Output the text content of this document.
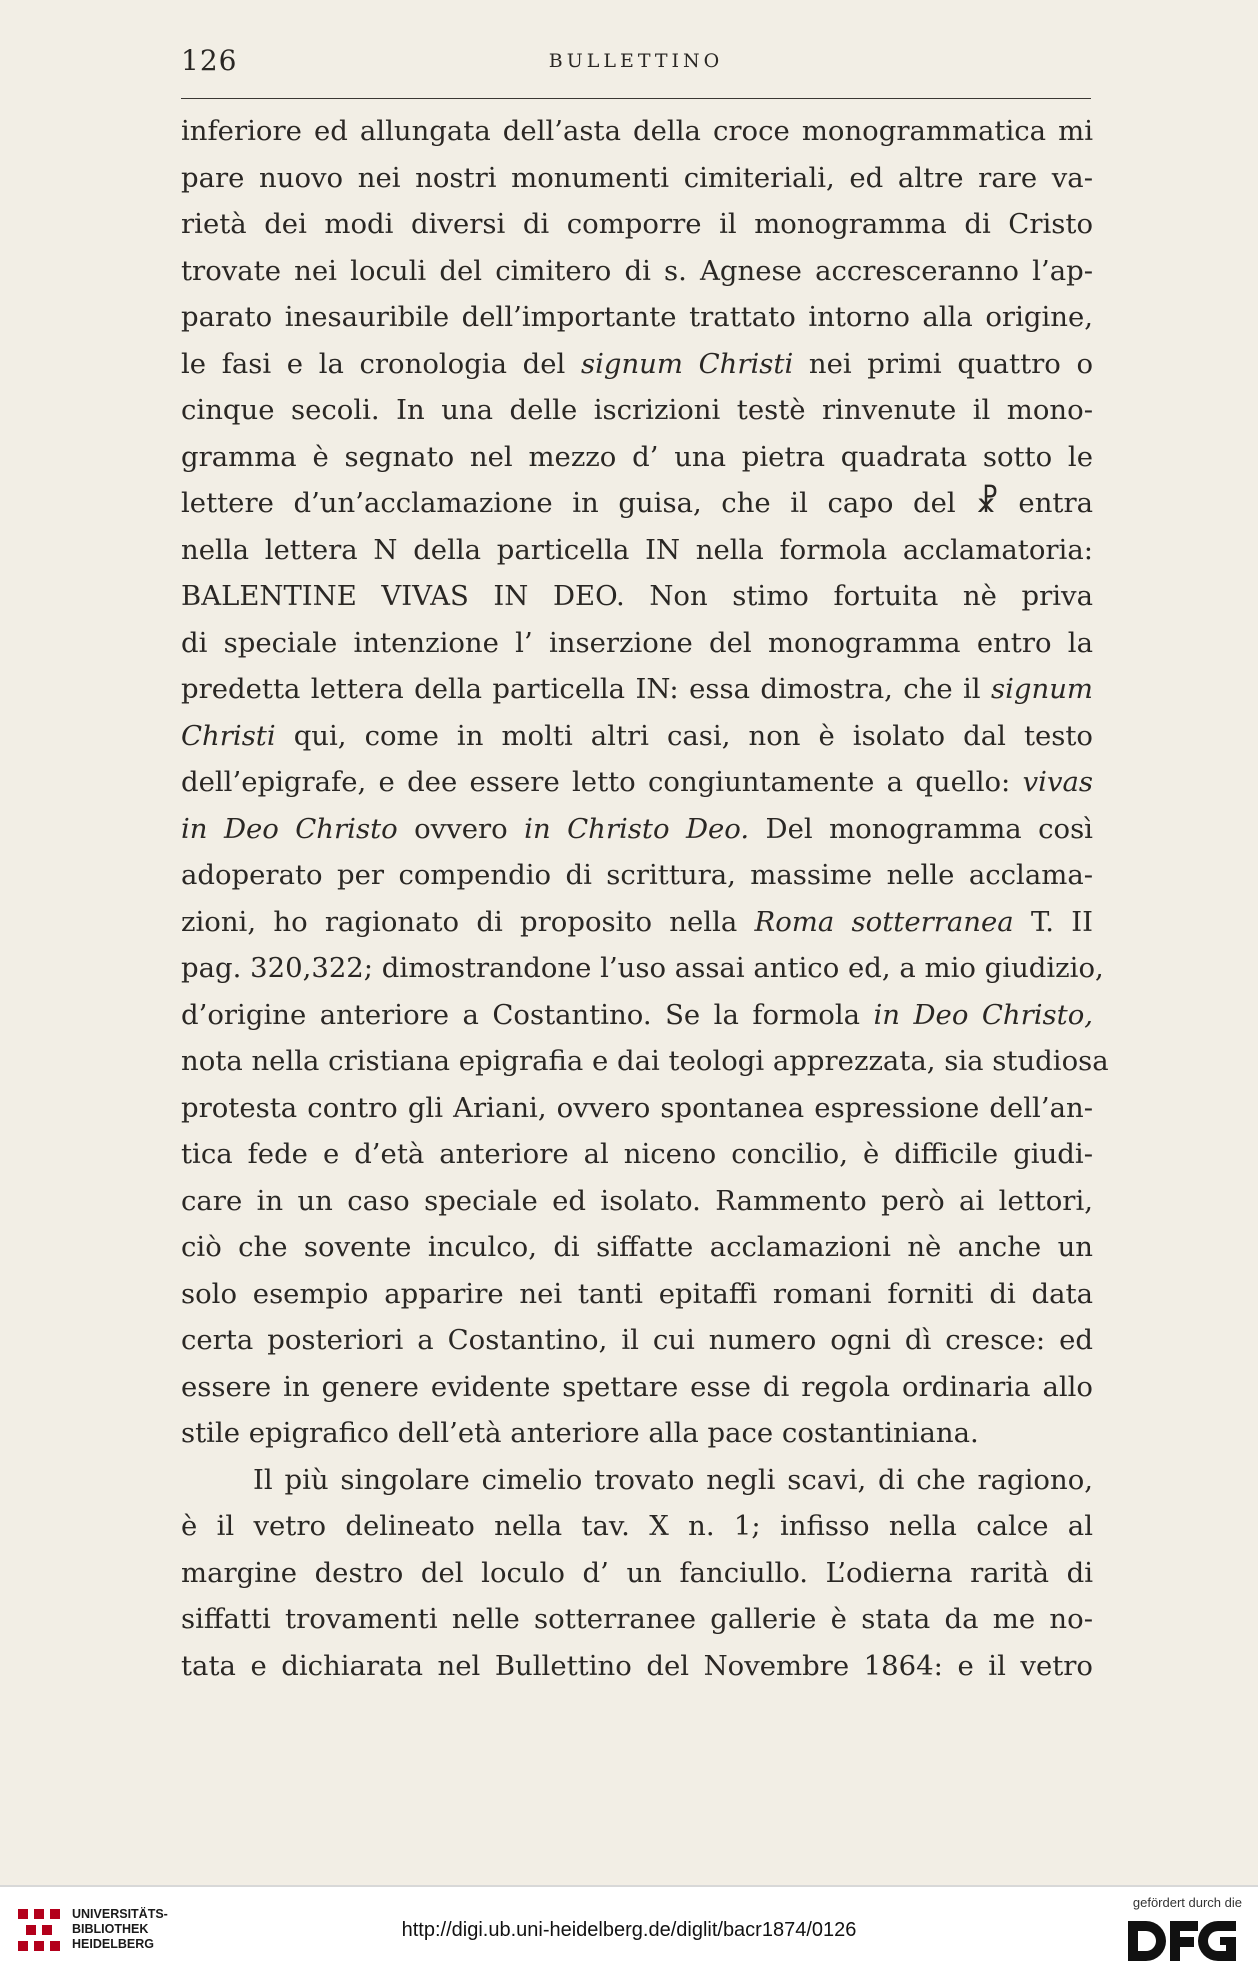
126	BULLETTINO
inferiore ed allungata dell’asta della croce monogrammatica mi
pare nuovo nei nostri monumenti cimiteriali, ed altre rare va-
rietà dei modi diversi di comporre il monogramma di Cristo
trovate nei loculi del cimitero di s. Agnese accresceranno l’ap-
parato inesauribile dell’importante trattato intorno alla origine,
le fasi e la cronologia del signum Christi nei primi quattro o
cinque secoli. In una delle iscrizioni testè rinvenute il mono-
gramma è segnato nel mezzo d’ una pietra quadrata sotto le
lettere d’un’acclamazione in guisa, che il capo del ☧ entra
nella lettera N della particella IN nella formola acclamatoria:
BALENTINE VIVAS IN DEO. Non stimo fortuita nè priva
di speciale intenzione l’ inserzione del monogramma entro la
predetta lettera della particella IN: essa dimostra, che il signum
Christi qui, come in molti altri casi, non è isolato dal testo
dell’epigrafe, e dee essere letto congiuntamente a quello: vivas
in Deo Christo ovvero in Christo Deo. Del monogramma così
adoperato per compendio di scrittura, massime nelle acclama-
zioni, ho ragionato di proposito nella Roma sotterranea T. II
pag. 320,322; dimostrandone l’uso assai antico ed, a mio giudizio,
d’origine anteriore a Costantino. Se la formola in Deo Christo,
nota nella cristiana epigrafia e dai teologi apprezzata, sia studiosa
protesta contro gli Ariani, ovvero spontanea espressione dell’an-
tica fede e d’età anteriore al niceno concilio, è difficile giudi-
care in un caso speciale ed isolato. Rammento però ai lettori,
ciò che sovente inculco, di siffatte acclamazioni nè anche un
solo esempio apparire nei tanti epitaffi romani forniti di data
certa posteriori a Costantino, il cui numero ogni dì cresce: ed
essere in genere evidente spettare esse di regola ordinaria allo
stile epigrafico dell’età anteriore alla pace costantiniana.
Il più singolare cimelio trovato negli scavi, di che ragiono,
è il vetro delineato nella tav. X n. 1; infisso nella calce al
margine destro del loculo d’ un fanciullo. L’odierna rarità di
siffatti trovamenti nelle sotterranee gallerie è stata da me no-
tata e dichiarata nel Bullettino del Novembre 1864: e il vetro
UNIVERSITÄTS-
BIBLIOTHEK
HEIDELBERG
http://digi.ub.uni-heidelberg.de/diglit/bacr1874/0126
gefördert durch die
